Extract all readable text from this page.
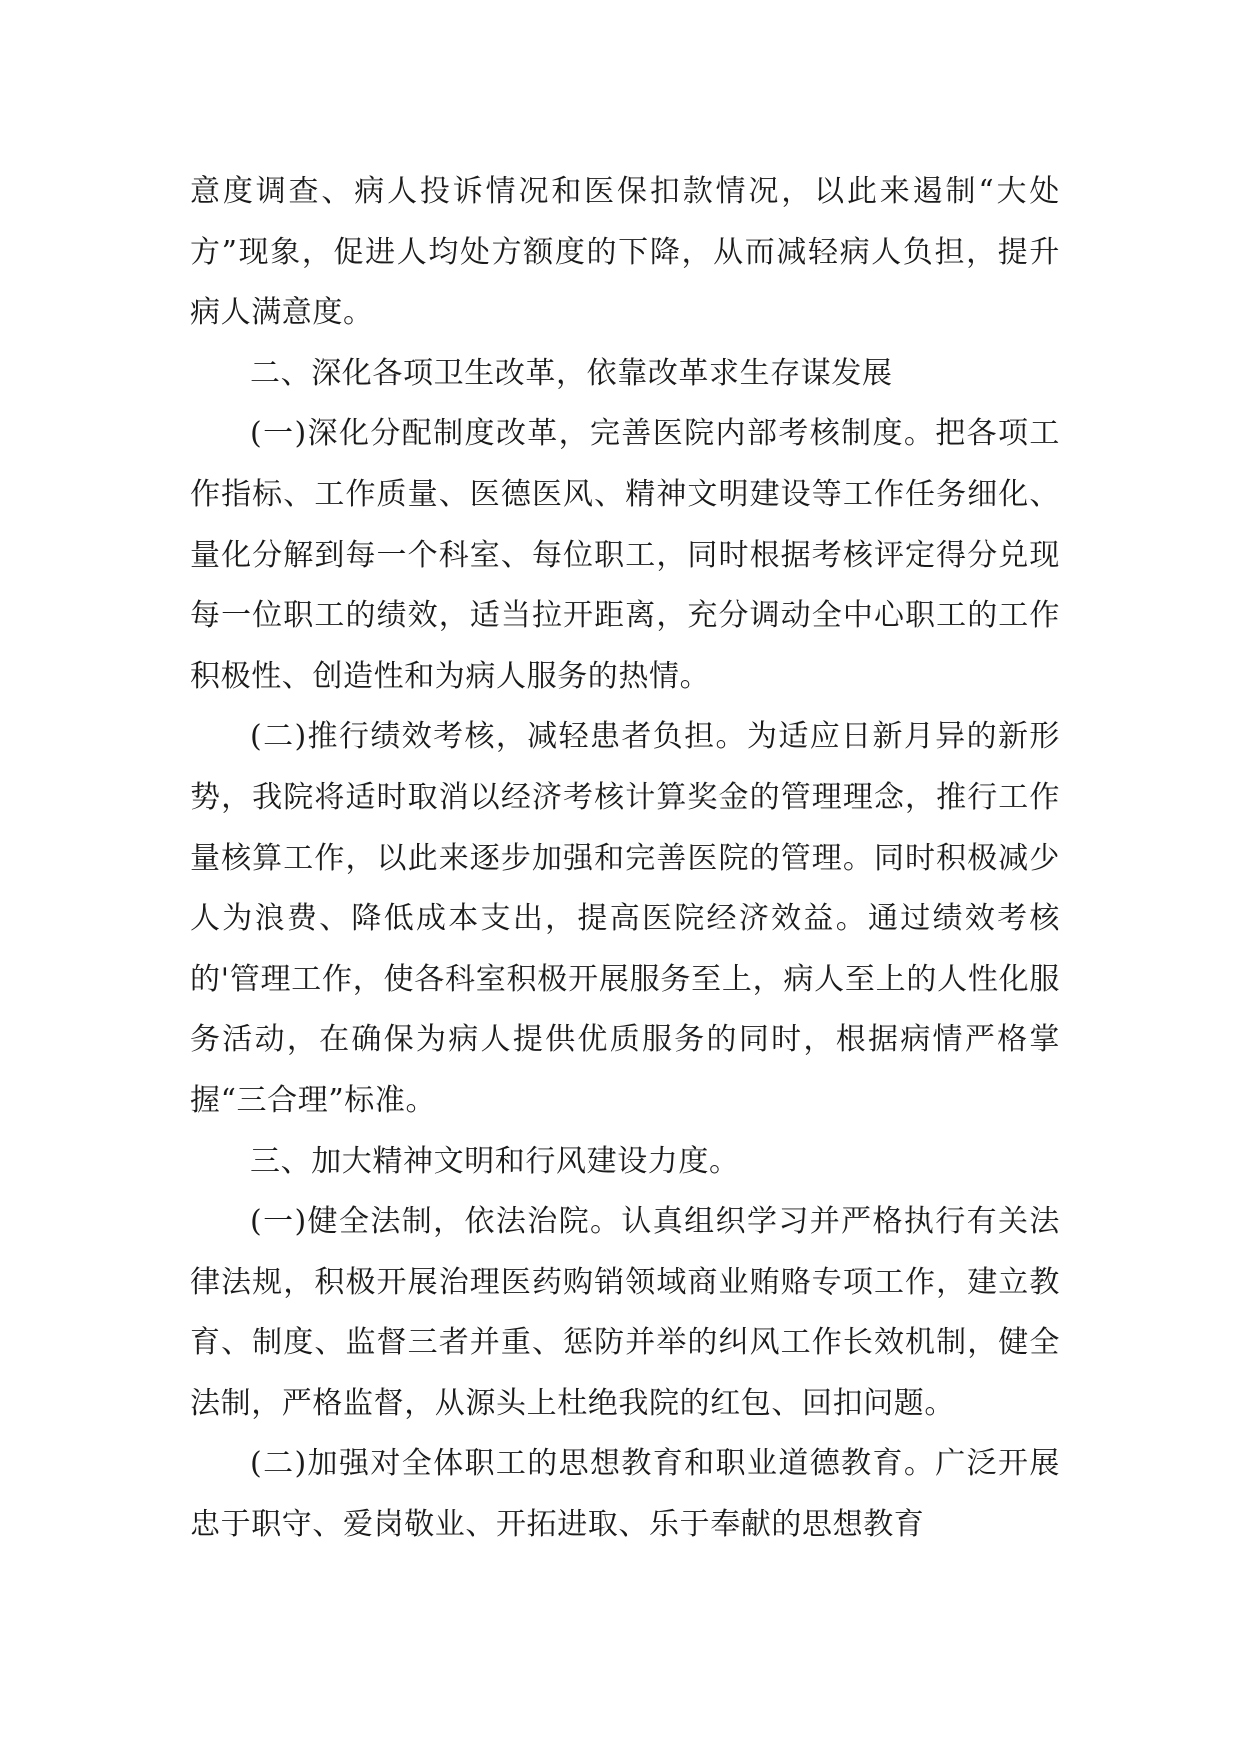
意度调查、病人投诉情况和医保扣款情况，以此来遏制“大处方”现象，促进人均处方额度的下降，从而减轻病人负担，提升病人满意度。

二、深化各项卫生改革，依靠改革求生存谋发展

(一)深化分配制度改革，完善医院内部考核制度。把各项工作指标、工作质量、医德医风、精神文明建设等工作任务细化、量化分解到每一个科室、每位职工，同时根据考核评定得分兑现每一位职工的绩效，适当拉开距离，充分调动全中心职工的工作积极性、创造性和为病人服务的热情。

(二)推行绩效考核，减轻患者负担。为适应日新月异的新形势，我院将适时取消以经济考核计算奖金的管理理念，推行工作量核算工作，以此来逐步加强和完善医院的管理。同时积极减少人为浪费、降低成本支出，提高医院经济效益。通过绩效考核的'管理工作，使各科室积极开展服务至上，病人至上的人性化服务活动，在确保为病人提供优质服务的同时，根据病情严格掌握“三合理”标准。

三、加大精神文明和行风建设力度。

(一)健全法制，依法治院。认真组织学习并严格执行有关法律法规，积极开展治理医药购销领域商业贿赂专项工作，建立教育、制度、监督三者并重、惩防并举的纠风工作长效机制，健全法制，严格监督，从源头上杜绝我院的红包、回扣问题。

(二)加强对全体职工的思想教育和职业道德教育。广泛开展忠于职守、爱岗敬业、开拓进取、乐于奉献的思想教育
